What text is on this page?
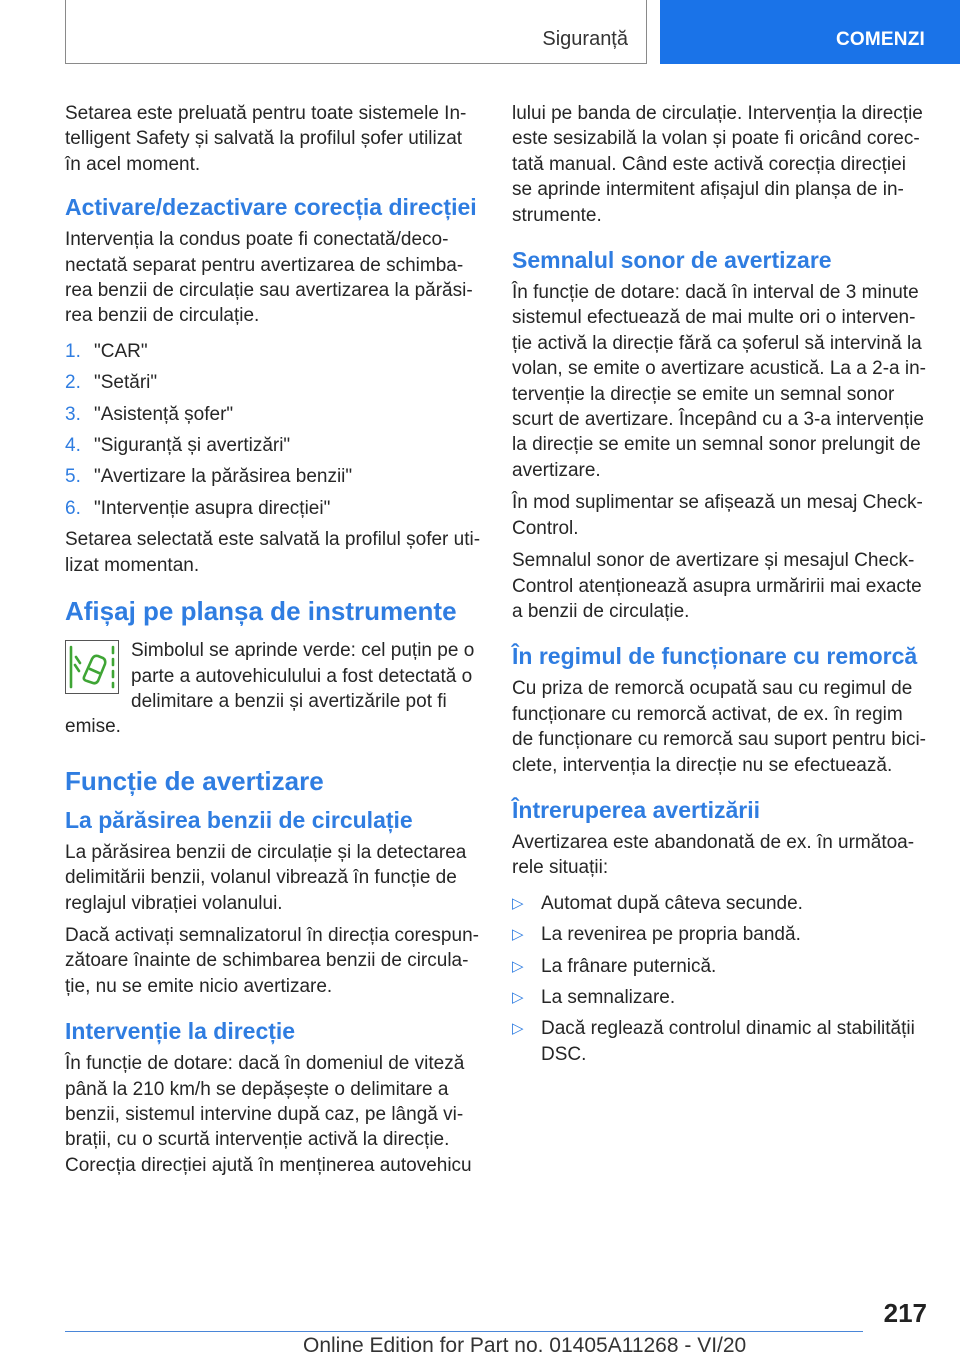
Siguranță	COMENZI

Setarea este preluată pentru toate sistemele Intelligent Safety și salvată la profilul șofer utilizat în acel moment.

Activare/dezactivare corecția direcției

Intervenția la condus poate fi conectată/deconectată separat pentru avertizarea de schimbarea benzii de circulație sau avertizarea la părăsirea benzii de circulație.

1. "CAR"
2. "Setări"
3. "Asistență șofer"
4. "Siguranță și avertizări"
5. "Avertizare la părăsirea benzii"
6. "Intervenție asupra direcției"

Setarea selectată este salvată la profilul șofer utilizat momentan.

Afișaj pe planșa de instrumente

Simbolul se aprinde verde: cel puțin pe o parte a autovehiculului a fost detectată o delimitare a benzii și avertizările pot fi emise.

Funcție de avertizare
La părăsirea benzii de circulație

La părăsirea benzii de circulație și la detectarea delimitării benzii, volanul vibrează în funcție de reglajul vibrației volanului.

Dacă activați semnalizatorul în direcția corespunzătoare înainte de schimbarea benzii de circulație, nu se emite nicio avertizare.

Intervenție la direcție

În funcție de dotare: dacă în domeniul de viteză până la 210 km/h se depășește o delimitare a benzii, sistemul intervine după caz, pe lângă vibrații, cu o scurtă intervenție activă la direcție. Corecția direcției ajută în menținerea autovehicu

lului pe banda de circulație. Intervenția la direcție este sesizabilă la volan și poate fi oricând corectată manual. Când este activă corecția direcției se aprinde intermitent afișajul din planșa de instrumente.

Semnalul sonor de avertizare

În funcție de dotare: dacă în interval de 3 minute sistemul efectuează de mai multe ori o intervenție activă la direcție fără ca șoferul să intervină la volan, se emite o avertizare acustică. La a 2-a intervenție la direcție se emite un semnal sonor scurt de avertizare. Începând cu a 3-a intervenție la direcție se emite un semnal sonor prelungit de avertizare.

În mod suplimentar se afișează un mesaj Check-Control.

Semnalul sonor de avertizare și mesajul Check-Control atenționează asupra urmăririi mai exacte a benzii de circulație.

În regimul de funcționare cu remorcă

Cu priza de remorcă ocupată sau cu regimul de funcționare cu remorcă activat, de ex. în regim de funcționare cu remorcă sau suport pentru biciclete, intervenția la direcție nu se efectuează.

Întreruperea avertizării

Avertizarea este abandonată de ex. în următoarele situații:

▷ Automat după câteva secunde.
▷ La revenirea pe propria bandă.
▷ La frânare puternică.
▷ La semnalizare.
▷ Dacă reglează controlul dinamic al stabilității DSC.
217
Online Edition for Part no. 01405A11268 - VI/20
